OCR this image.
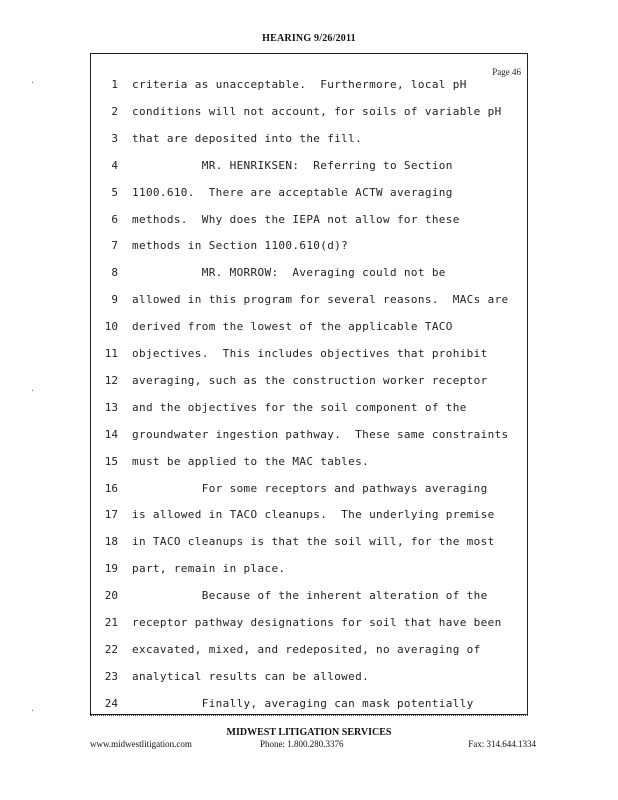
HEARING 9/26/2011
Page 46
1 criteria as unacceptable.  Furthermore, local pH
2 conditions will not account, for soils of variable pH
3 that are deposited into the fill.
4 MR. HENRIKSEN:  Referring to Section
5 1100.610.  There are acceptable ACTW averaging
6 methods.  Why does the IEPA not allow for these
7 methods in Section 1100.610(d)?
8 MR. MORROW:  Averaging could not be
9 allowed in this program for several reasons.  MACs are
10 derived from the lowest of the applicable TACO
11 objectives.  This includes objectives that prohibit
12 averaging, such as the construction worker receptor
13 and the objectives for the soil component of the
14 groundwater ingestion pathway.  These same constraints
15 must be applied to the MAC tables.
16 For some receptors and pathways averaging
17 is allowed in TACO cleanups.  The underlying premise
18 in TACO cleanups is that the soil will, for the most
19 part, remain in place.
20 Because of the inherent alteration of the
21 receptor pathway designations for soil that have been
22 excavated, mixed, and redeposited, no averaging of
23 analytical results can be allowed.
24 Finally, averaging can mask potentially
·
·
·
MIDWEST LITIGATION SERVICES
www.midwestlitigation.com	Phone: 1.800.280.3376	Fax: 314.644.1334
